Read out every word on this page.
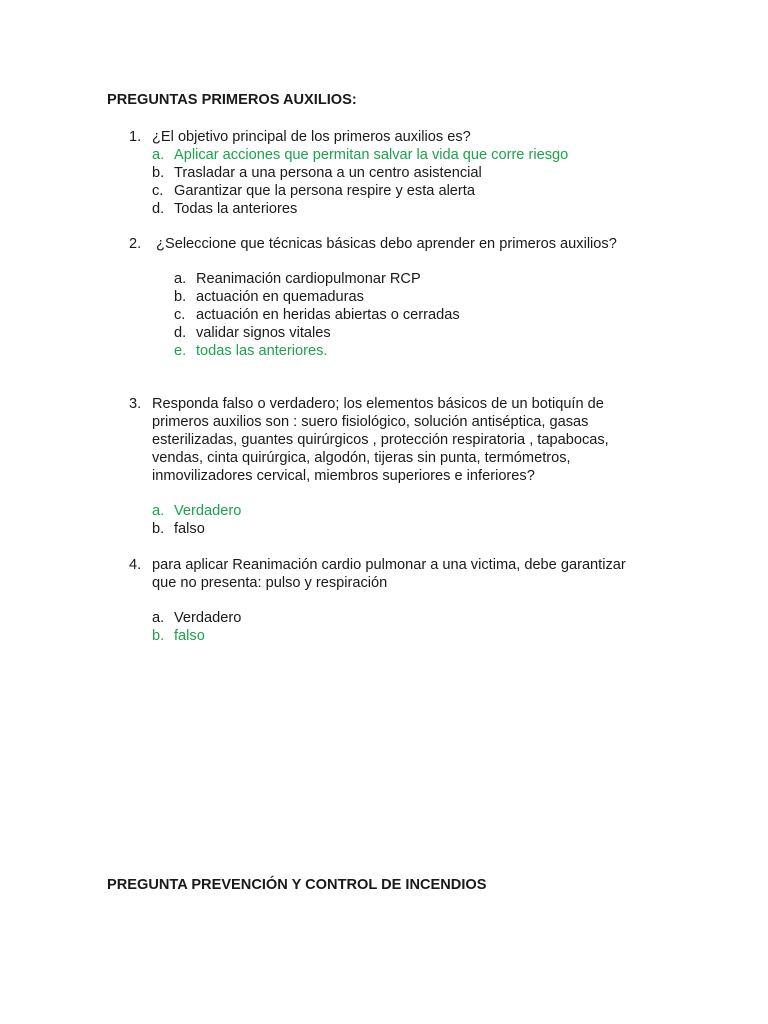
PREGUNTAS PRIMEROS AUXILIOS:
1. ¿El objetivo principal de los primeros auxilios es?
a. Aplicar acciones que permitan salvar la vida que corre riesgo
b. Trasladar a una persona a un centro asistencial
c. Garantizar que la persona respire y esta alerta
d. Todas la anteriores
2. ¿Seleccione que técnicas básicas debo aprender en primeros auxilios?
a. Reanimación cardiopulmonar RCP
b. actuación en quemaduras
c. actuación en heridas abiertas o cerradas
d. validar signos vitales
e. todas las anteriores.
3. Responda falso o verdadero; los elementos básicos de un botiquín de primeros auxilios son : suero fisiológico, solución antiséptica, gasas esterilizadas, guantes quirúrgicos , protección respiratoria , tapabocas, vendas, cinta quirúrgica, algodón, tijeras sin punta, termómetros, inmovilizadores cervical, miembros superiores e inferiores?
a. Verdadero
b. falso
4. para aplicar Reanimación cardio pulmonar a una victima, debe garantizar que no presenta: pulso y respiración
a. Verdadero
b. falso
PREGUNTA PREVENCIÓN Y CONTROL DE INCENDIOS
